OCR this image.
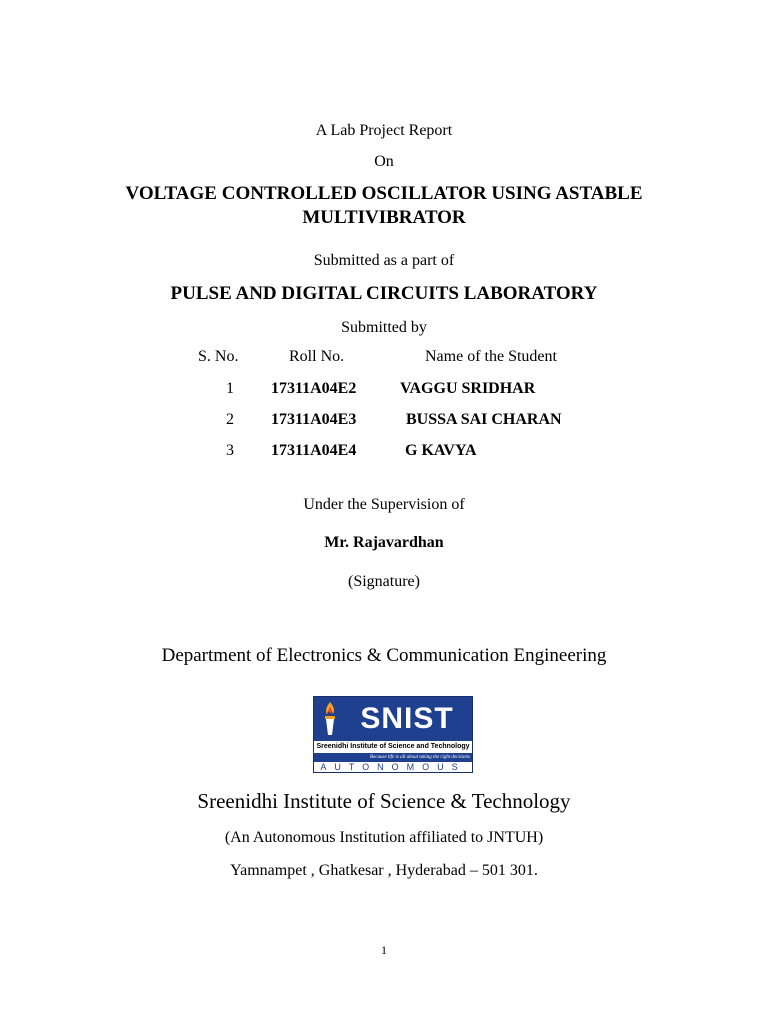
A Lab Project Report
On
VOLTAGE CONTROLLED OSCILLATOR USING ASTABLE
MULTIVIBRATOR
Submitted as a part of
PULSE AND DIGITAL CIRCUITS LABORATORY
Submitted by
S. No.	Roll No.	Name of the Student
1 17311A04E2	VAGGU SRIDHAR
2 17311A04E3	BUSSA SAI CHARAN
3 17311A04E4	G KAVYA
Under the Supervision of
Mr. Rajavardhan
(Signature)
Department of Electronics & Communication Engineering
SNIST
Sreenidhi Institute of Science and Technology
Because life is all about taking the right decisions
AUTONOMOUS
Sreenidhi Institute of Science & Technology
(An Autonomous Institution affiliated to JNTUH)
Yamnampet , Ghatkesar , Hyderabad – 501 301.
1
